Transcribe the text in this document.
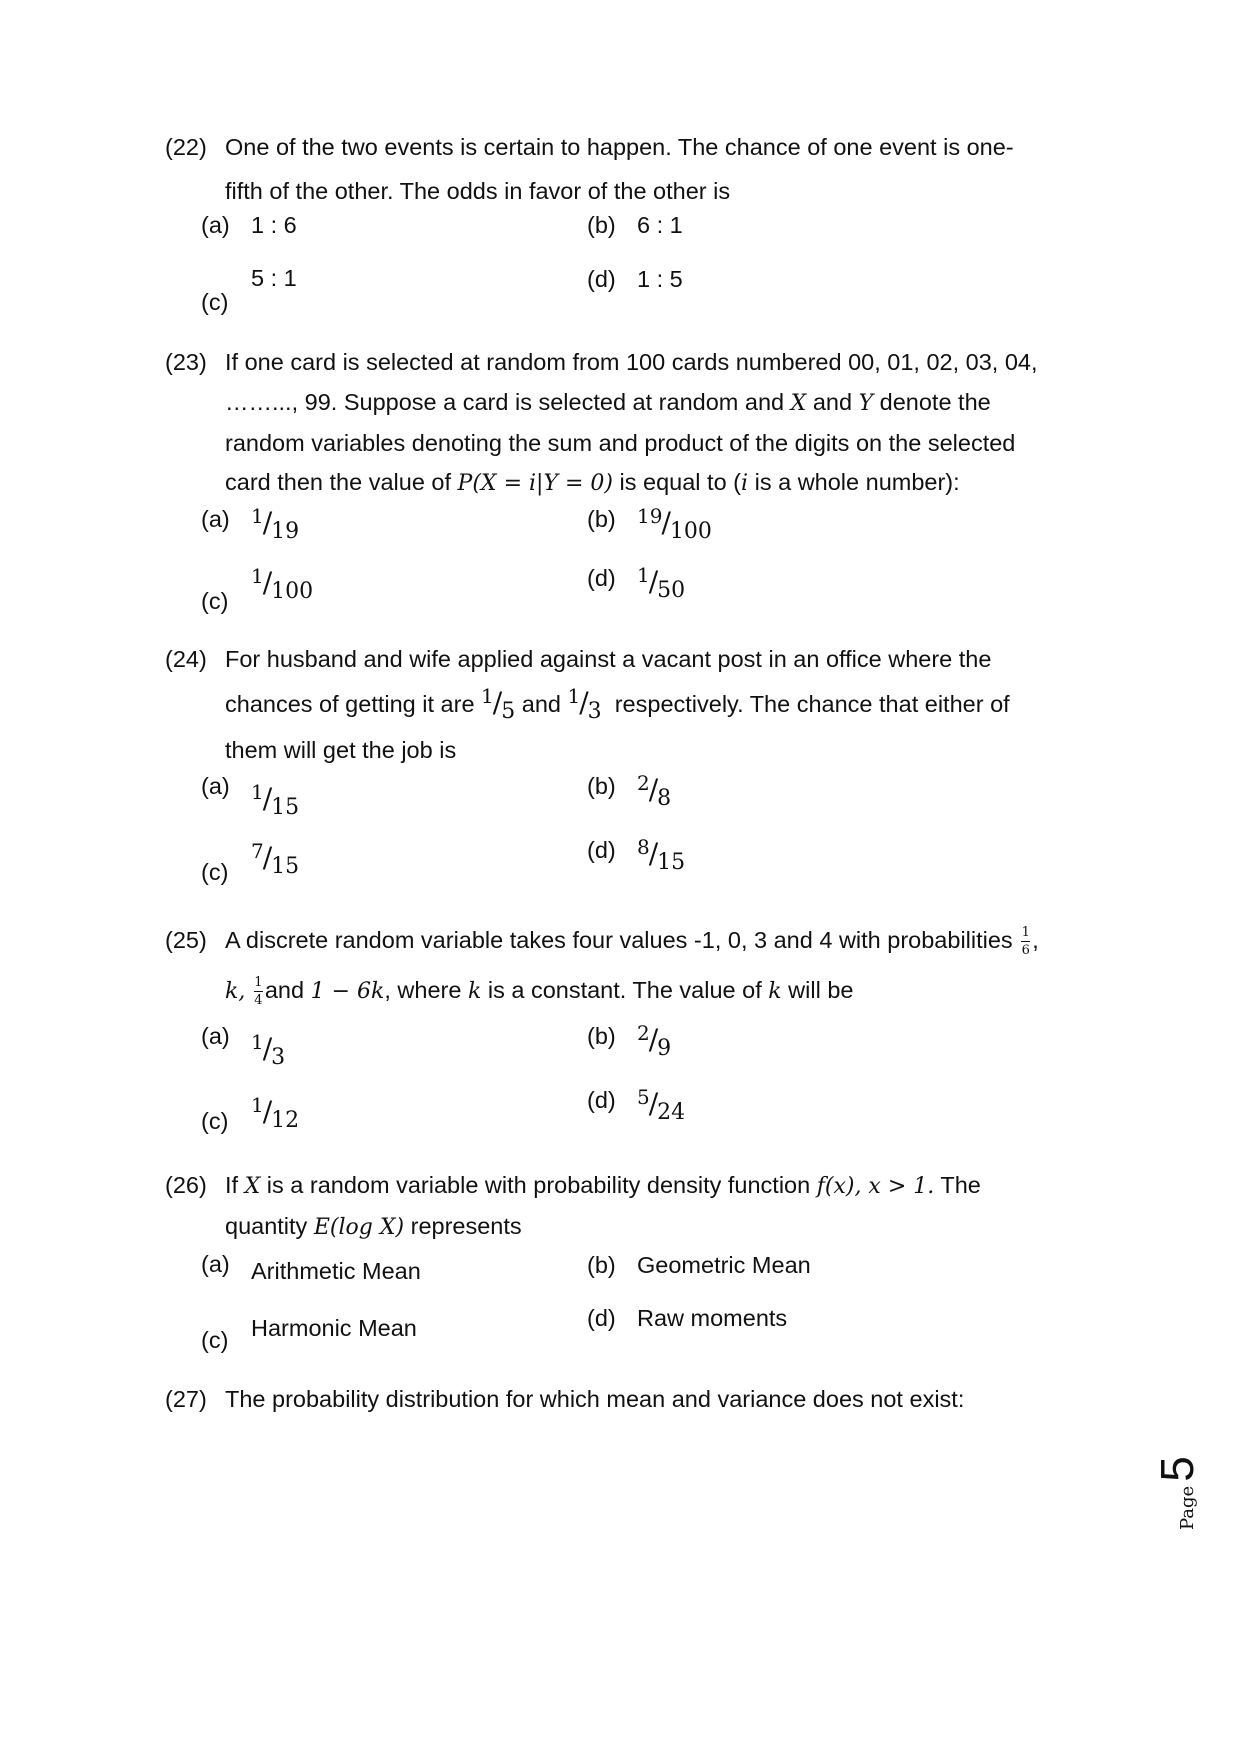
(22) One of the two events is certain to happen. The chance of one event is one-
fifth of the other. The odds in favor of the other is
(a) 1 : 6	(b) 6 : 1
(c)
5 : 1	(d) 1 : 5
(23) If one card is selected at random from 100 cards numbered 00, 01, 02, 03, 04,
……..., 99. Suppose a card is selected at random and X and Y denote the
random variables denoting the sum and product of the digits on the selected
card then the value of P(X = i|Y = 0) is equal to (i is a whole number):
(a) 1/19	(b) 19/100
(c)
1/100
(d) 1/50
(24) For husband and wife applied against a vacant post in an office where the
chances of getting it are 1/5 and 1/3 respectively. The chance that either of
them will get the job is
(a) 1/15
(b) 2/8
(c)
7/15
(d) 8/15
(25) A discrete random variable takes four values -1, 0, 3 and 4 with probabilities $\frac{1}{6}$ ,
k, $\frac{1}{4}$ and 1 − 6k, where k is a constant. The value of k will be
(a) 1/3
(b) 2/9
(c)
1/12
(d) 5/24
(26) If X is a random variable with probability density function f(x), x > 1. The
quantity E(log X) represents
(a) Arithmetic Mean	(b) Geometric Mean
(c) Harmonic Mean	(d) Raw moments
(27) The probability distribution for which mean and variance does not exist:
Page
5
